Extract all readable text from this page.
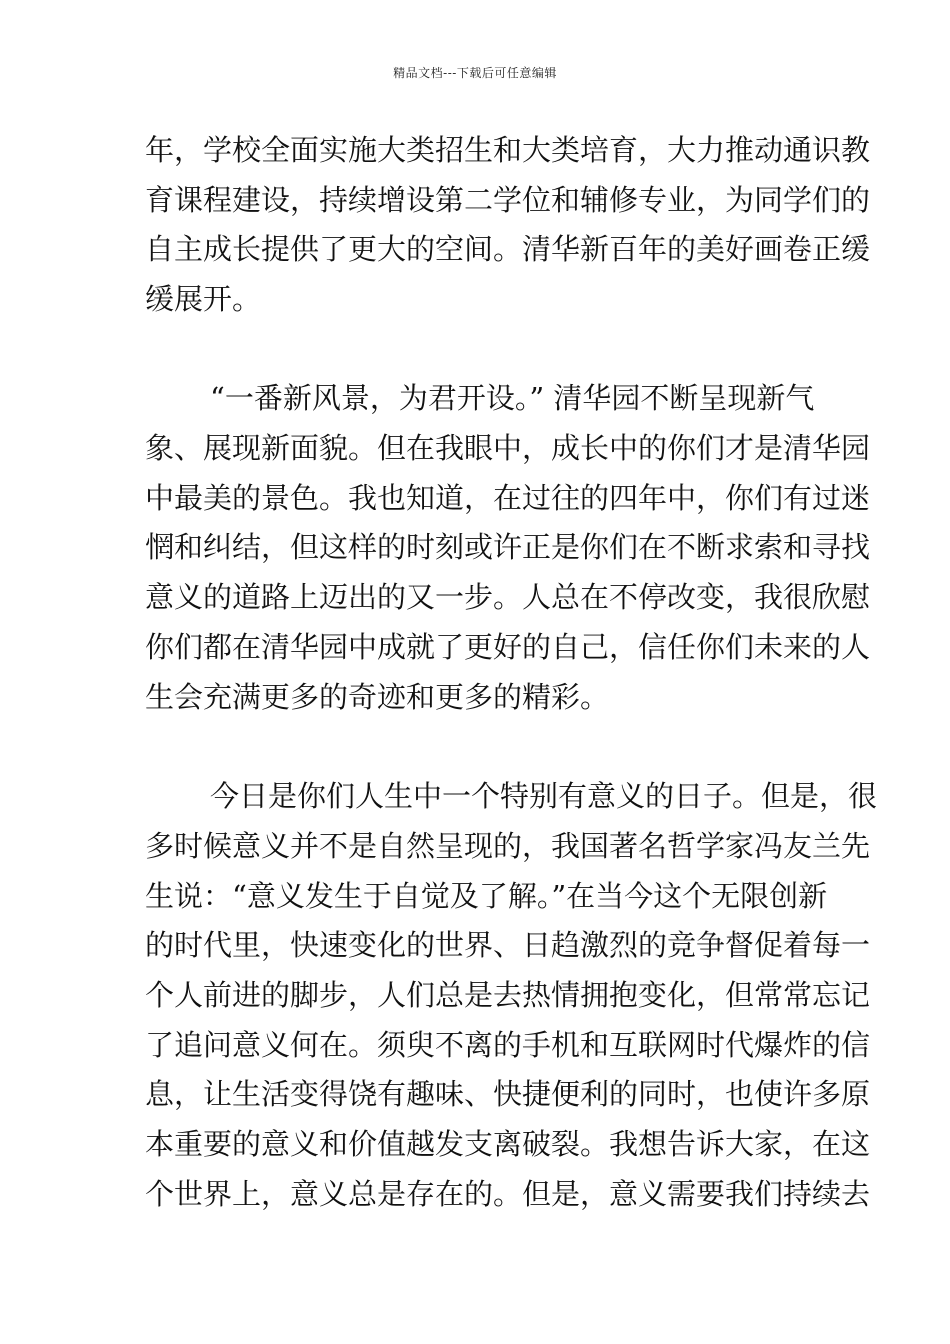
精品文档---下载后可任意编辑
年，学校全面实施大类招生和大类培育，大力推动通识教
育课程建设，持续增设第二学位和辅修专业，为同学们的
自主成长提供了更大的空间。清华新百年的美好画卷正缓
缓展开。
“一番新风景，为君开设。” 清华园不断呈现新气
象、展现新面貌。但在我眼中，成长中的你们才是清华园
中最美的景色。我也知道，在过往的四年中，你们有过迷
惘和纠结，但这样的时刻或许正是你们在不断求索和寻找
意义的道路上迈出的又一步。人总在不停改变，我很欣慰
你们都在清华园中成就了更好的自己，信任你们未来的人
生会充满更多的奇迹和更多的精彩。
今日是你们人生中一个特别有意义的日子。但是，很
多时候意义并不是自然呈现的，我国著名哲学家冯友兰先
生说：“意义发生于自觉及了解。”在当今这个无限创新
的时代里，快速变化的世界、日趋激烈的竞争督促着每一
个人前进的脚步，人们总是去热情拥抱变化，但常常忘记
了追问意义何在。须臾不离的手机和互联网时代爆炸的信
息，让生活变得饶有趣味、快捷便利的同时，也使许多原
本重要的意义和价值越发支离破裂。我想告诉大家，在这
个世界上，意义总是存在的。但是，意义需要我们持续去
